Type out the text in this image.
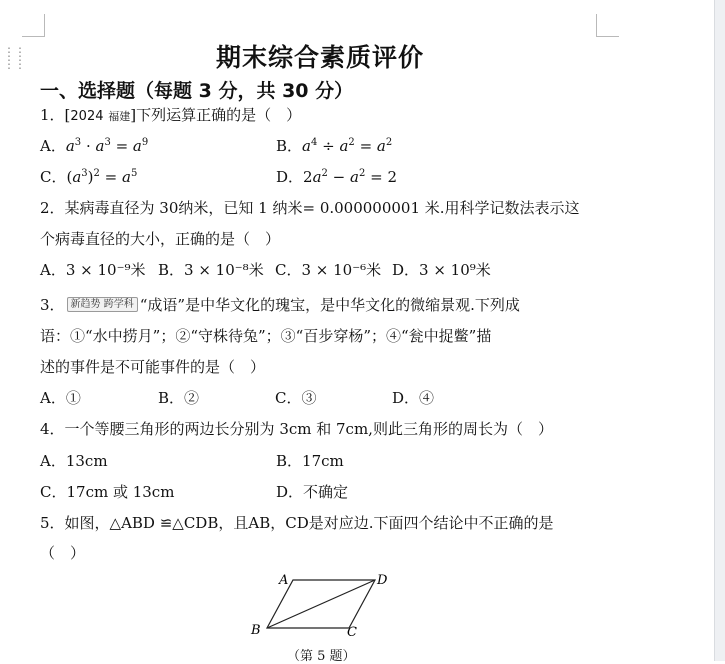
⋮⋮
⋮⋮	期末综合素质评价
一、选择题（每题 3 分，共 30 分）
1．[2024 福建]下列运算正确的是（　）
A．$a^3 \cdot a^3 = a^9$	B．$a^4 \div a^2 = a^2$
C．$(a^3)^2 = a^5$	D．$2a^2 - a^2 = 2$
2．某病毒直径为 30纳米，已知 1 纳米= 0.000000001 米.用科学记数法表示这
个病毒直径的大小，正确的是（　）
A．3 × 10⁻⁹米 B．3 × 10⁻⁸米 C．3 × 10⁻⁶米 D．3 × 10⁹米
3． 新趋势 跨学科 “成语”是中华文化的瑰宝，是中华文化的微缩景观.下列成
语：①“水中捞月”；②“守株待兔”；③“百步穿杨”；④“瓮中捉鳖”描
述的事件是不可能事件的是（　）
A．①	B．②	C．③	D．④
4．一个等腰三角形的两边长分别为 3cm 和 7cm,则此三角形的周长为（　）
A．13cm	B．17cm
C．17cm 或 13cm	D．不确定
5．如图，△ABD ≌△CDB，且AB，CD是对应边.下面四个结论中不正确的是
（　）
A	D
B	C
（第 5 题）
